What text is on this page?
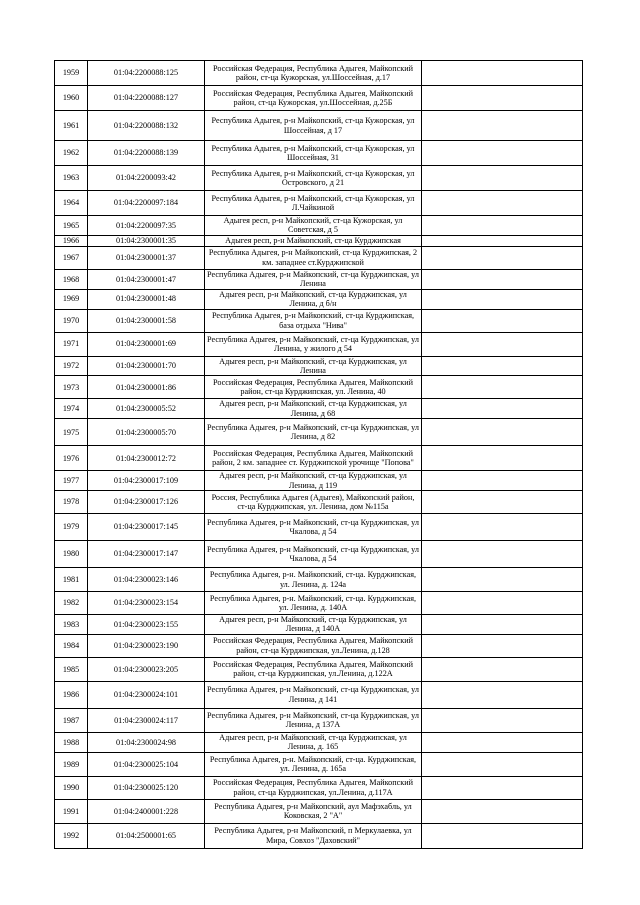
1959	01:04:2200088:125	Российская Федерация, Республика Адыгея, Майкопский район, ст-ца Кужорская, ул.Шоссейная, д.17	
1960	01:04:2200088:127	Российская Федерация, Республика Адыгея, Майкопский район, ст-ца Кужорская, ул.Шоссейная, д.25Б	
1961	01:04:2200088:132	Республика Адыгея, р-н Майкопский, ст-ца Кужорская, ул Шоссейная, д 17	
1962	01:04:2200088:139	Республика Адыгея, р-н Майкопский, ст-ца Кужорская, ул Шоссейная, 31	
1963	01:04:2200093:42	Республика Адыгея, р-н Майкопский, ст-ца Кужорская, ул Островского, д 21	
1964	01:04:2200097:184	Республика Адыгея, р-н Майкопский, ст-ца Кужорская, ул Л.Чайкиной	
1965	01:04:2200097:35	Адыгея респ, р-н Майкопский, ст-ца Кужорская, ул Советская, д 5	
1966	01:04:2300001:35	Адыгея респ, р-н Майкопский, ст-ца Курджипская	
1967	01:04:2300001:37	Республика Адыгея, р-н Майкопский, ст-ца Курджипская, 2 км. западнее ст.Курджипской	
1968	01:04:2300001:47	Республика Адыгея, р-н Майкопский, ст-ца Курджипская, ул Ленина	
1969	01:04:2300001:48	Адыгея респ, р-н Майкопский, ст-ца Курджипская, ул Ленина, д б/н	
1970	01:04:2300001:58	Республика Адыгея, р-н Майкопский, ст-ца Курджипская, база отдыха "Нива"	
1971	01:04:2300001:69	Республика Адыгея, р-н Майкопский, ст-ца Курджипская, ул Ленина, у жилого д 54	
1972	01:04:2300001:70	Адыгея респ, р-н Майкопский, ст-ца Курджипская, ул Ленина	
1973	01:04:2300001:86	Российская Федерация, Республика Адыгея, Майкопский район, ст-ца Курджипская, ул. Ленина, 40	
1974	01:04:2300005:52	Адыгея респ, р-н Майкопский, ст-ца Курджипская, ул Ленина, д 68	
1975	01:04:2300005:70	Республика Адыгея, р-н Майкопский, ст-ца Курджипская, ул Ленина, д 82	
1976	01:04:2300012:72	Российская Федерация, Республика Адыгея, Майкопский район, 2 км. западнее ст. Курджипской урочище "Попова"	
1977	01:04:2300017:109	Адыгея респ, р-н Майкопский, ст-ца Курджипская, ул Ленина, д 119	
1978	01:04:2300017:126	Россия, Республика Адыгея (Адыгея), Майкопский район, ст-ца Курджипская, ул. Ленина, дом №115а	
1979	01:04:2300017:145	Республика Адыгея, р-н Майкопский, ст-ца Курджипская, ул Чкалова, д 54	
1980	01:04:2300017:147	Республика Адыгея, р-н Майкопский, ст-ца Курджипская, ул Чкалова, д 54	
1981	01:04:2300023:146	Республика Адыгея, р-н. Майкопский, ст-ца. Курджипская, ул. Ленина, д. 124а	
1982	01:04:2300023:154	Республика Адыгея, р-н. Майкопский, ст-ца. Курджипская, ул. Ленина, д. 140А	
1983	01:04:2300023:155	Адыгея респ, р-н Майкопский, ст-ца Курджипская, ул Ленина, д 140А	
1984	01:04:2300023:190	Российская Федерация, Республика Адыгея, Майкопский район, ст-ца Курджипская, ул.Ленина, д.128	
1985	01:04:2300023:205	Российская Федерация, Республика Адыгея, Майкопский район, ст-ца Курджипская, ул.Ленина, д.122А	
1986	01:04:2300024:101	Республика Адыгея, р-н Майкопский, ст-ца Курджипская, ул Ленина, д 141	
1987	01:04:2300024:117	Республика Адыгея, р-н Майкопский, ст-ца Курджипская, ул Ленина, д 137А	
1988	01:04:2300024:98	Адыгея респ, р-н Майкопский, ст-ца Курджипская, ул Ленина, д. 165	
1989	01:04:2300025:104	Республика Адыгея, р-н. Майкопский, ст-ца. Курджипская, ул. Ленина, д. 165а	
1990	01:04:2300025:120	Российская Федерация, Республика Адыгея, Майкопский район, ст-ца Курджипская, ул.Ленина, д.117А	
1991	01:04:2400001:228	Республика Адыгея, р-н Майкопский, аул Мафэхабль, ул Коковская, 2 "А"	
1992	01:04:2500001:65	Республика Адыгея, р-н Майкопский, п Меркулаевка, ул Мира, Совхоз "Даховский"	
